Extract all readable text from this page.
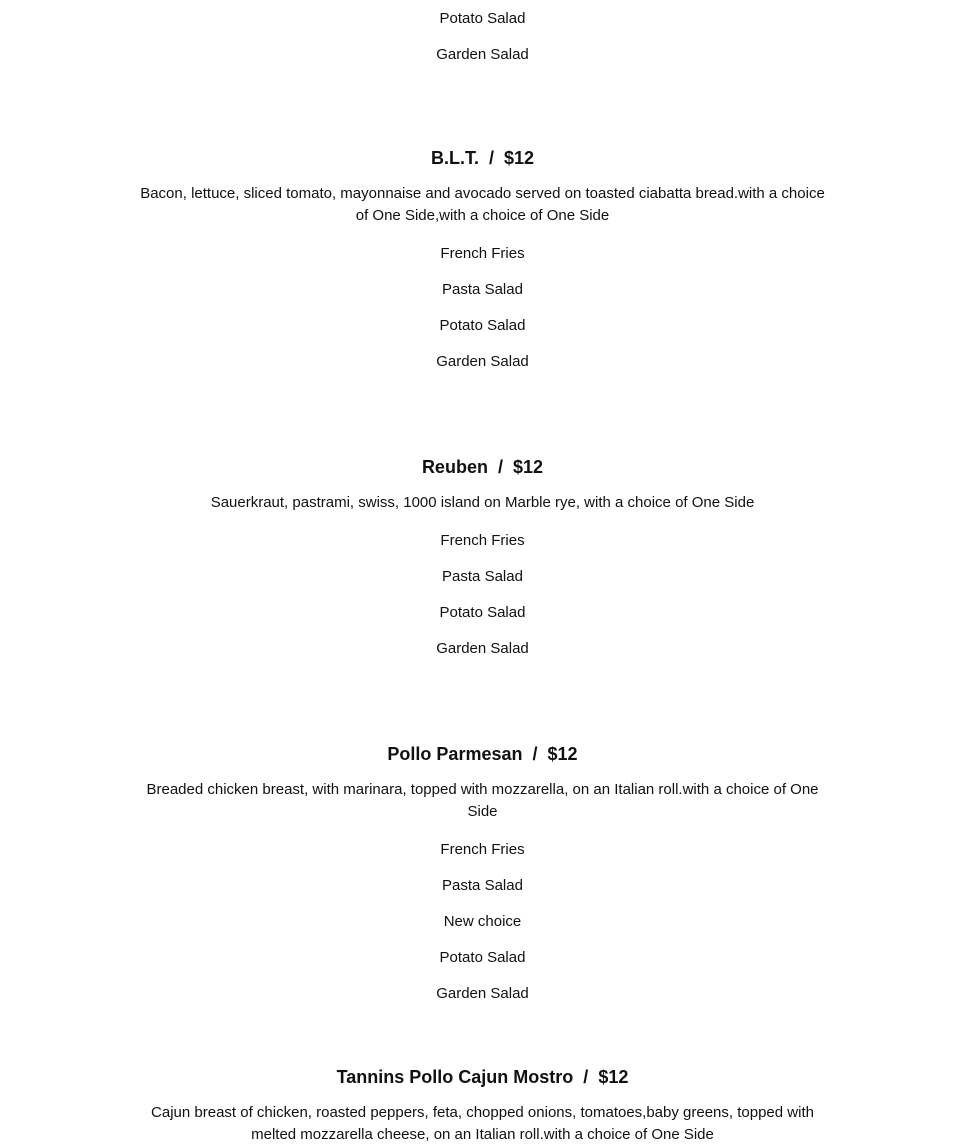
Potato Salad

Garden Salad

B.L.T. / $12

Bacon, lettuce, sliced tomato, mayonnaise and avocado served on toasted ciabatta bread.with a choice of One Side,with a choice of One Side

French Fries

Pasta Salad

Potato Salad

Garden Salad

Reuben / $12

Sauerkraut, pastrami, swiss, 1000 island on Marble rye, with a choice of One Side

French Fries

Pasta Salad

Potato Salad

Garden Salad

Pollo Parmesan / $12

Breaded chicken breast, with marinara, topped with mozzarella, on an Italian roll.with a choice of One Side

French Fries

Pasta Salad

New choice

Potato Salad

Garden Salad

Tannins Pollo Cajun Mostro / $12

Cajun breast of chicken, roasted peppers, feta, chopped onions, tomatoes,baby greens, topped with melted mozzarella cheese, on an Italian roll.with a choice of One Side
